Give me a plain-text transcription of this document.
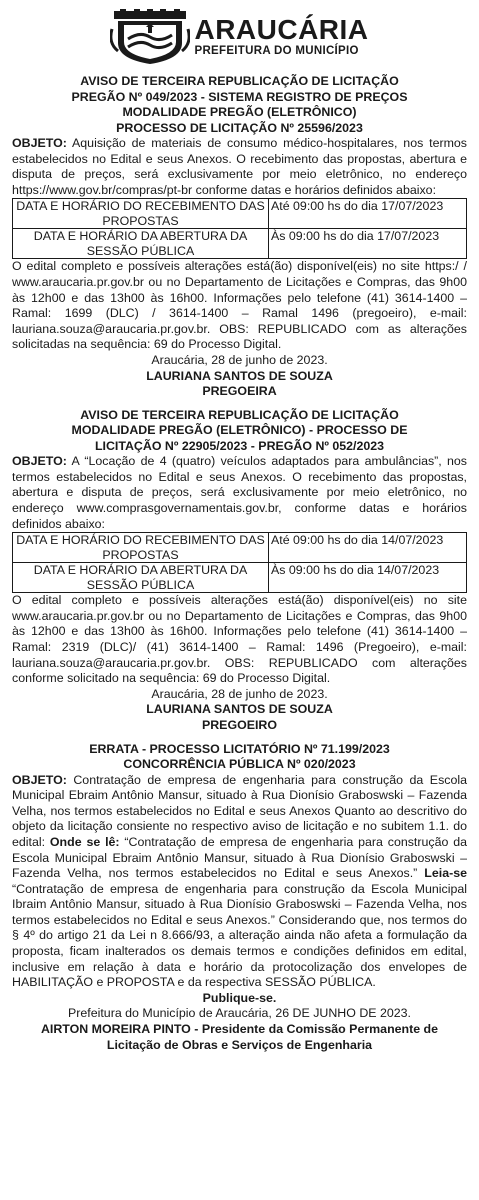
ARAUCÁRIA
PREFEITURA DO MUNICÍPIO
AVISO DE TERCEIRA REPUBLICAÇÃO DE LICITAÇÃO
PREGÃO Nº 049/2023 - SISTEMA REGISTRO DE PREÇOS
MODALIDADE PREGÃO (ELETRÔNICO)
PROCESSO DE LICITAÇÃO Nº 25596/2023

OBJETO: Aquisição de materiais de consumo médico-hospitalares, nos termos estabelecidos no Edital e seus Anexos. O recebimento das propostas, abertura e disputa de preços, será exclusivamente por meio eletrônico, no endereço https://www.gov.br/compras/pt-br conforme datas e horários definidos abaixo:

DATA E HORÁRIO DO RECEBIMENTO DAS PROPOSTAS	Até 09:00 hs do dia 17/07/2023
DATA E HORÁRIO DA ABERTURA DA SESSÃO PÚBLICA	Às 09:00 hs do dia 17/07/2023

O edital completo e possíveis alterações está(ão) disponível(eis) no site https:/ / www.araucaria.pr.gov.br ou no Departamento de Licitações e Compras, das 9h00 às 12h00 e das 13h00 às 16h00. Informações pelo telefone (41) 3614-1400 – Ramal: 1699 (DLC) / 3614-1400 – Ramal 1496 (pregoeiro), e-mail: lauriana.souza@araucaria.pr.gov.br. OBS: REPUBLICADO com as alterações solicitadas na sequência: 69 do Processo Digital.

Araucária, 28 de junho de 2023.
LAURIANA SANTOS DE SOUZA
PREGOEIRA
AVISO DE TERCEIRA REPUBLICAÇÃO DE LICITAÇÃO
MODALIDADE PREGÃO (ELETRÔNICO) - PROCESSO DE
LICITAÇÃO Nº 22905/2023 - PREGÃO Nº 052/2023

OBJETO: A “Locação de 4 (quatro) veículos adaptados para ambulâncias”, nos termos estabelecidos no Edital e seus Anexos. O recebimento das propostas, abertura e disputa de preços, será exclusivamente por meio eletrônico, no endereço www.comprasgovernamentais.gov.br, conforme datas e horários definidos abaixo:

DATA E HORÁRIO DO RECEBIMENTO DAS PROPOSTAS	Até 09:00 hs do dia 14/07/2023
DATA E HORÁRIO DA ABERTURA DA SESSÃO PÚBLICA	Às 09:00 hs do dia 14/07/2023

O edital completo e possíveis alterações está(ão) disponível(eis) no site www.araucaria.pr.gov.br ou no Departamento de Licitações e Compras, das 9h00 às 12h00 e das 13h00 às 16h00. Informações pelo telefone (41) 3614-1400 – Ramal: 2319 (DLC)/ (41) 3614-1400 – Ramal: 1496 (Pregoeiro), e-mail: lauriana.souza@araucaria.pr.gov.br. OBS: REPUBLICADO com alterações conforme solicitado na sequência: 69 do Processo Digital.

Araucária, 28 de junho de 2023.
LAURIANA SANTOS DE SOUZA
PREGOEIRO
ERRATA - PROCESSO LICITATÓRIO Nº 71.199/2023
CONCORRÊNCIA PÚBLICA Nº 020/2023

OBJETO: Contratação de empresa de engenharia para construção da Escola Municipal Ebraim Antônio Mansur, situado à Rua Dionísio Graboswski – Fazenda Velha, nos termos estabelecidos no Edital e seus Anexos Quanto ao descritivo do objeto da licitação consiente no respectivo aviso de licitação e no subitem 1.1. do edital: Onde se lê: “Contratação de empresa de engenharia para construção da Escola Municipal Ebraim Antônio Mansur, situado à Rua Dionísio Graboswski – Fazenda Velha, nos termos estabelecidos no Edital e seus Anexos.” Leia-se “Contratação de empresa de engenharia para construção da Escola Municipal Ibraim Antônio Mansur, situado à Rua Dionísio Graboswski – Fazenda Velha, nos termos estabelecidos no Edital e seus Anexos.” Considerando que, nos termos do § 4º do artigo 21 da Lei n 8.666/93, a alteração ainda não afeta a formulação da proposta, ficam inalterados os demais termos e condições definidos em edital, inclusive em relação à data e horário da protocolização dos envelopes de HABILITAÇÃO e PROPOSTA e da respectiva SESSÃO PÚBLICA.

Publique-se.
Prefeitura do Município de Araucária, 26 DE JUNHO DE 2023.
AIRTON MOREIRA PINTO - Presidente da Comissão Permanente de
Licitação de Obras e Serviços de Engenharia
